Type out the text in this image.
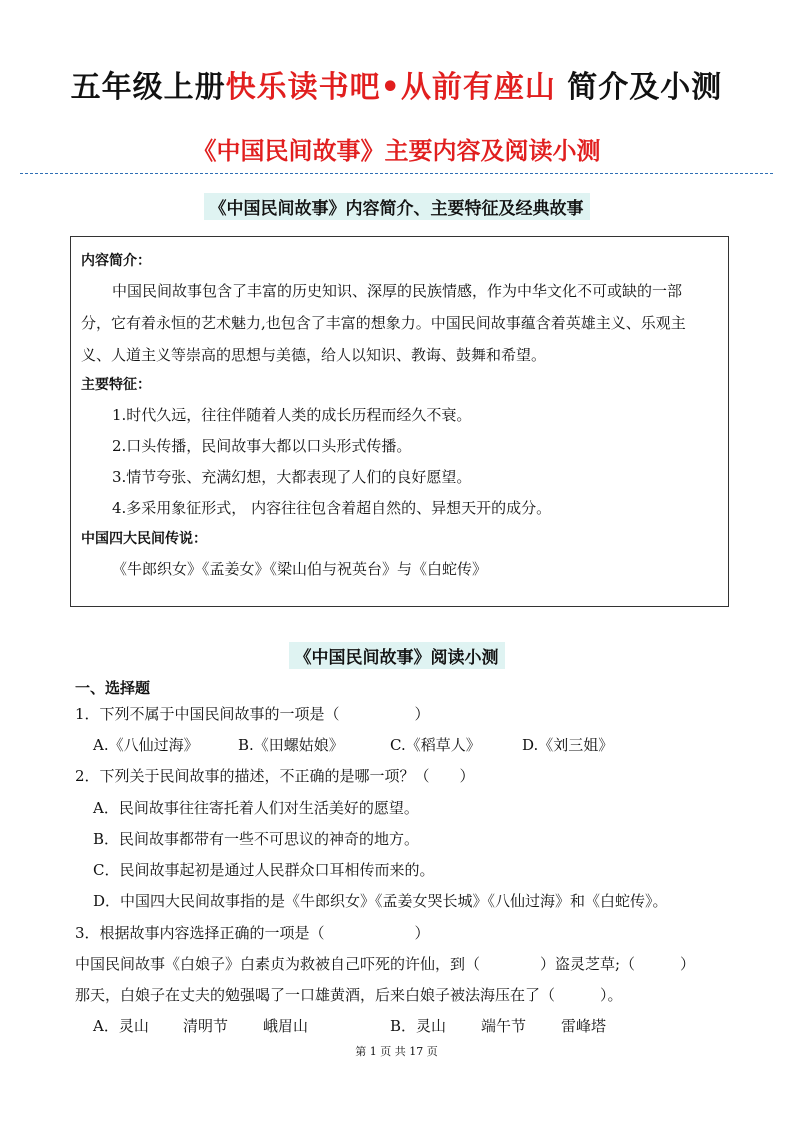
五年级上册快乐读书吧•从前有座山 简介及小测
《中国民间故事》主要内容及阅读小测
《中国民间故事》内容简介、主要特征及经典故事
内容简介：
中国民间故事包含了丰富的历史知识、深厚的民族情感，作为中华文化不可或缺的一部
分，它有着永恒的艺术魅力,也包含了丰富的想象力。中国民间故事蕴含着英雄主义、乐观主
义、人道主义等崇高的思想与美德，给人以知识、教诲、鼓舞和希望。
主要特征：
1.时代久远，往往伴随着人类的成长历程而经久不衰。
2.口头传播，民间故事大都以口头形式传播。
3.情节夸张、充满幻想，大都表现了人们的良好愿望。
4.多采用象征形式， 内容往往包含着超自然的、异想天开的成分。
中国四大民间传说：
《牛郎织女》《孟姜女》《梁山伯与祝英台》与《白蛇传》
《中国民间故事》阅读小测
一、选择题
1．下列不属于中国民间故事的一项是（　　　　　）
A.《八仙过海》	B.《田螺姑娘》	C.《稻草人》	D.《刘三姐》
2．下列关于民间故事的描述，不正确的是哪一项？（　　）
A．民间故事往往寄托着人们对生活美好的愿望。
B．民间故事都带有一些不可思议的神奇的地方。
C．民间故事起初是通过人民群众口耳相传而来的。
D．中国四大民间故事指的是《牛郎织女》《孟姜女哭长城》《八仙过海》和《白蛇传》。
3．根据故事内容选择正确的一项是（　　　　　　）
中国民间故事《白娘子》白素贞为救被自己吓死的许仙，到（　　　　）盗灵芝草;（　　　）
那天，白娘子在丈夫的勉强喝了一口雄黄酒，后来白娘子被法海压在了（　　　）。
A．灵山 清明节 峨眉山	B．灵山 端午节 雷峰塔
第 1 页 共 17 页
